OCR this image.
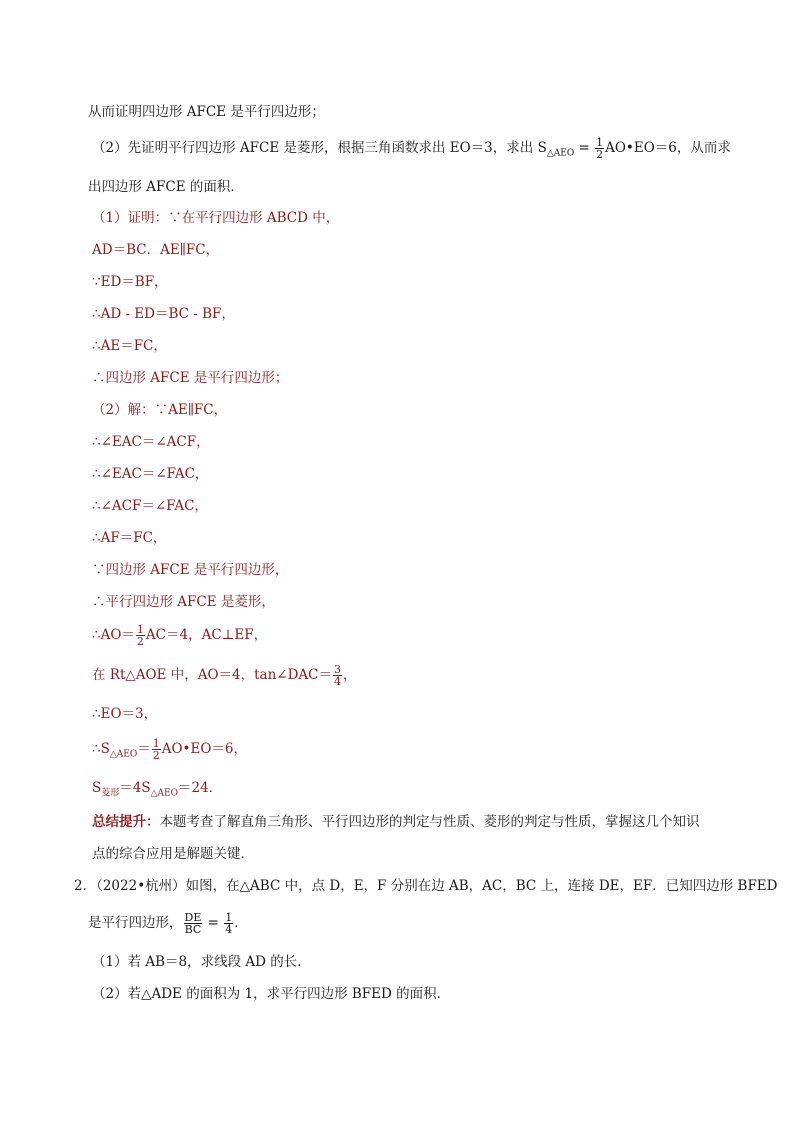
从而证明四边形 AFCE 是平行四边形；
（2）先证明平行四边形 AFCE 是菱形，根据三角函数求出 EO＝3，求出 $S_{\triangle AEO} = \frac{1}{2}$ AO•EO＝6，从而求
出四边形 AFCE 的面积．
（1）证明：∵在平行四边形 ABCD 中，
AD＝BC．AE∥FC，
∵ED＝BF，
∴AD - ED＝BC - BF，
∴AE＝FC，
∴四边形 AFCE 是平行四边形；
（2）解：∵AE∥FC，
∴∠EAC＝∠ACF，
∴∠EAC＝∠FAC，
∴∠ACF＝∠FAC，
∴AF＝FC，
∵四边形 AFCE 是平行四边形，
∴平行四边形 AFCE 是菱形，
∴AO＝ $\frac{1}{2} AC=4$，AC⊥EF，
在 Rt△AOE 中，AO＝4，tan∠DAC＝ $\frac{3}{4}$ ，
∴EO＝3，
$\therefore S_{\triangle AEO}= \frac{1}{2}$ AO•EO＝6，
$S_{菱形}=4S_{\triangle AEO}=24$．
总结提升：本题考查了解直角三角形、平行四边形的判定与性质、菱形的判定与性质，掌握这几个知识
点的综合应用是解题关键．
2．（2022•杭州）如图，在△ABC 中，点 D，E，F 分别在边 AB，AC，BC 上，连接 DE，EF．已知四边形 BFED
是平行四边形， $\frac{DE}{BC} = \frac{1}{4}$ ．
（1）若 AB＝8，求线段 AD 的长．
（2）若△ADE 的面积为 1，求平行四边形 BFED 的面积．
